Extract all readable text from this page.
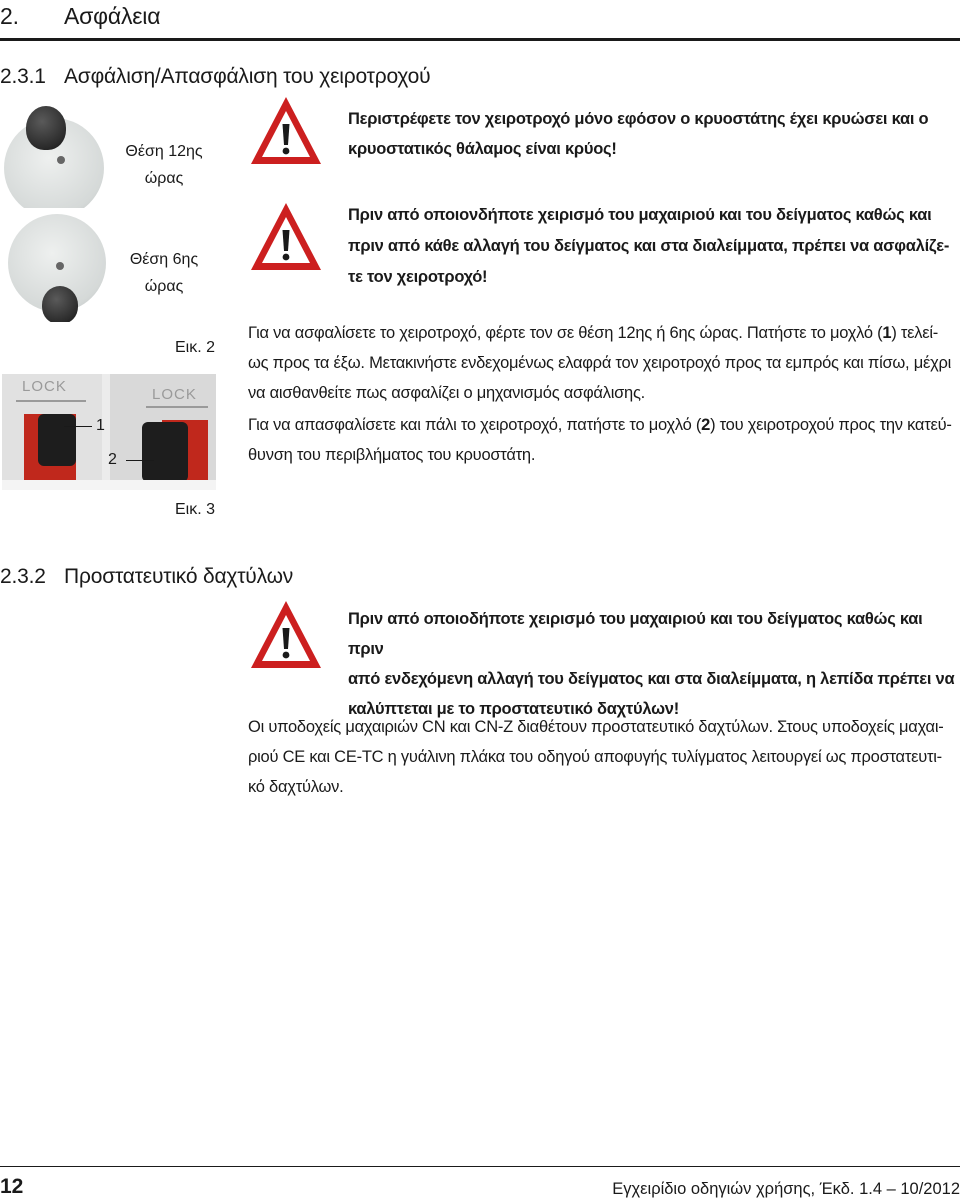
2. Ασφάλεια
2.3.1 Ασφάλιση/Απασφάλιση του χειροτροχού
Θέση 12ης
ώρας
Θέση 6ης
ώρας
Εικ. 2
LOCK	LOCK
1
2
Εικ. 3
Περιστρέφετε τον χειροτροχό μόνο εφόσον ο κρυοστάτης έχει κρυώσει και ο
κρυοστατικός θάλαμος είναι κρύος!
Πριν από οποιονδήποτε χειρισμό του μαχαιριού και του δείγματος καθώς και
πριν από κάθε αλλαγή του δείγματος και στα διαλείμματα, πρέπει να ασφαλίζε-
τε τον χειροτροχό!
Για να ασφαλίσετε το χειροτροχό, φέρτε τον σε θέση 12ης ή 6ης ώρας. Πατήστε το μοχλό (1) τελεί-
ως προς τα έξω. Μετακινήστε ενδεχομένως ελαφρά τον χειροτροχό προς τα εμπρός και πίσω, μέχρι
να αισθανθείτε πως ασφαλίζει ο μηχανισμός ασφάλισης.
Για να απασφαλίσετε και πάλι το χειροτροχό, πατήστε το μοχλό (2) του χειροτροχού προς την κατεύ-
θυνση του περιβλήματος του κρυοστάτη.
2.3.2 Προστατευτικό δαχτύλων
Πριν από οποιοδήποτε χειρισμό του μαχαιριού και του δείγματος καθώς και πριν
από ενδεχόμενη αλλαγή του δείγματος και στα διαλείμματα, η λεπίδα πρέπει να
καλύπτεται με το προστατευτικό δαχτύλων!
Οι υποδοχείς μαχαιριών CN και CN-Z διαθέτουν προστατευτικό δαχτύλων. Στους υποδοχείς μαχαι-
ριού CE και CE-TC η γυάλινη πλάκα του οδηγού αποφυγής τυλίγματος λειτουργεί ως προστατευτι-
κό δαχτύλων.
12	Εγχειρίδιο οδηγιών χρήσης, Έκδ. 1.4 – 10/2012
